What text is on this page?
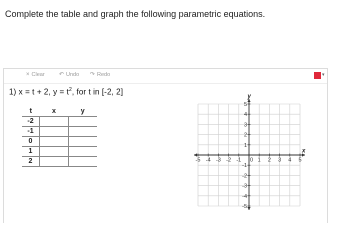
Complete the table and graph the following parametric equations.
× Clear ↶ Undo ↷ Redo	▾
1) x = t + 2, $y = t^2$, for t in [-2, 2]
t	x	y
-2		
-1		
0		
1		
2			-5 -4 -3 -2 -1 0 1 2 3 4 5
5
4
3
2
1
-1
-2
-3
-4
-5
x
y
